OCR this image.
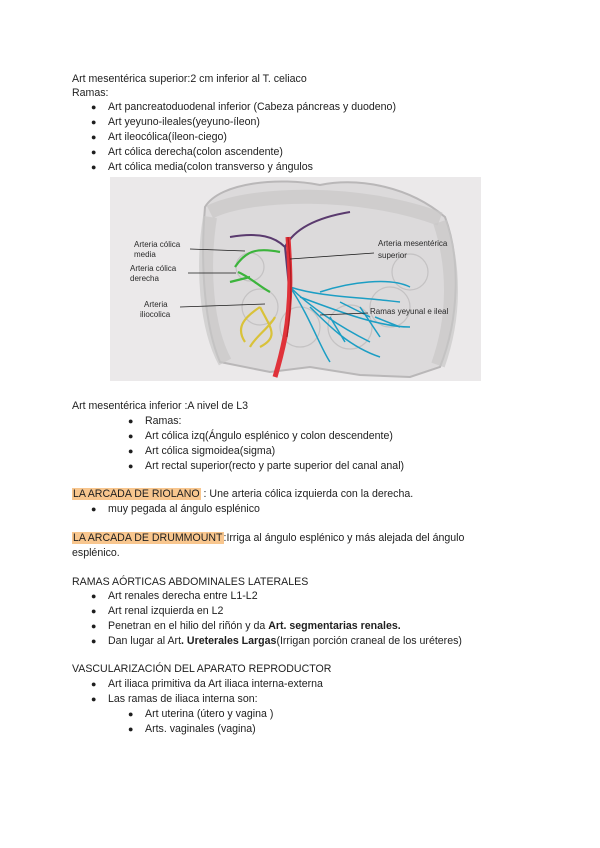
Art mesentérica superior:2 cm inferior al T. celiaco
Ramas:
● Art pancreatoduodenal inferior (Cabeza páncreas y duodeno)
● Art yeyuno-ileales(yeyuno-íleon)
● Art ileocólica(íleon-ciego)
● Art cólica derecha(colon ascendente)
● Art cólica media(colon transverso y ángulos
Arteria cólica
media
Arteria cólica
derecha
Arteria
iliocolica
Arteria mesentérica
superior
Ramas yeyunal e ileal
Art mesentérica inferior :A nivel de L3
● Ramas:
● Art cólica izq(Ángulo esplénico y colon descendente)
● Art cólica sigmoidea(sigma)
● Art rectal superior(recto y parte superior del canal anal)
LA ARCADA DE RIOLANO : Une arteria cólica izquierda con la derecha.
● muy pegada al ángulo esplénico
LA ARCADA DE DRUMMOUNT:Irriga al ángulo esplénico y más alejada del ángulo
esplénico.
RAMAS AÓRTICAS ABDOMINALES LATERALES
● Art renales derecha entre L1-L2
● Art renal izquierda en L2
● Penetran en el hilio del riñón y da Art. segmentarias renales.
● Dan lugar al Art. Ureterales Largas(Irrigan porción craneal de los uréteres)
VASCULARIZACIÓN DEL APARATO REPRODUCTOR
● Art iliaca primitiva da Art iliaca interna-externa
● Las ramas de iliaca interna son:
● Art uterina (útero y vagina )
● Arts. vaginales (vagina)
